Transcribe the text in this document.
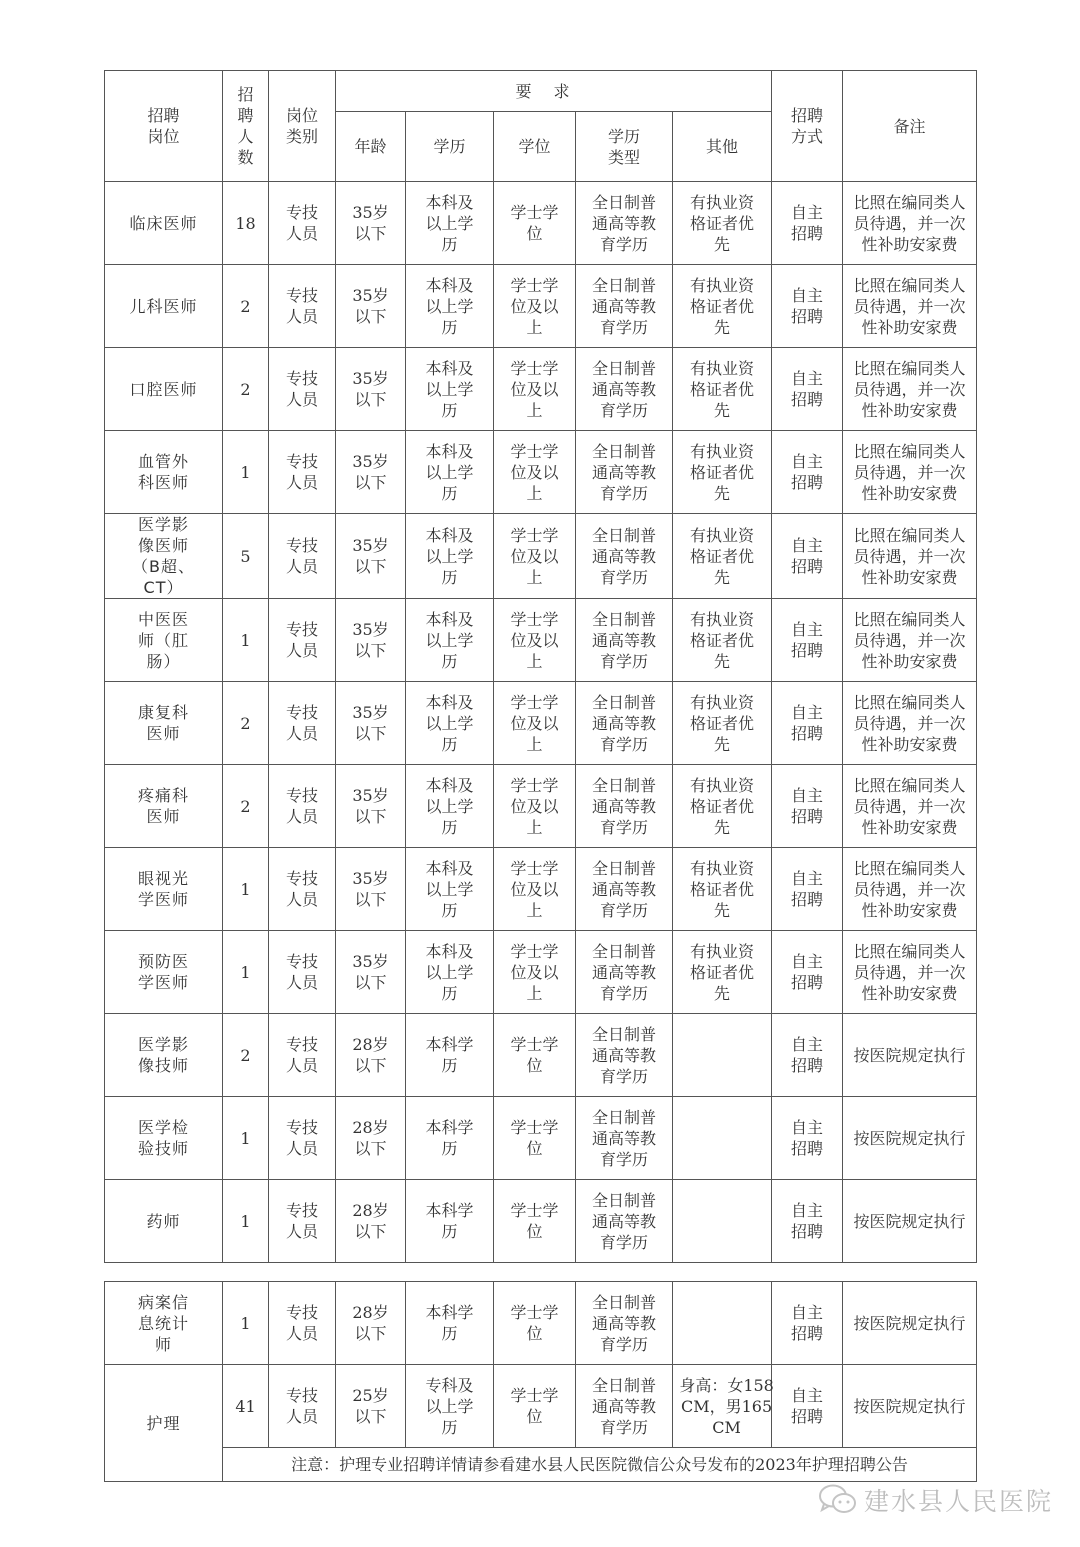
招聘岗位	招聘人数	岗位类别	要求					招聘方式	备注
			年龄	学历	学位	学历类型	其他		
临床医师	18	专技人员	35岁以下	本科及以上学历	学士学位	全日制普通高等教育学历	有执业资格证者优先	自主招聘	比照在编同类人员待遇，并一次性补助安家费
儿科医师	2	专技人员	35岁以下	本科及以上学历	学士学位及以上	全日制普通高等教育学历	有执业资格证者优先	自主招聘	比照在编同类人员待遇，并一次性补助安家费
口腔医师	2	专技人员	35岁以下	本科及以上学历	学士学位及以上	全日制普通高等教育学历	有执业资格证者优先	自主招聘	比照在编同类人员待遇，并一次性补助安家费
血管外科医师	1	专技人员	35岁以下	本科及以上学历	学士学位及以上	全日制普通高等教育学历	有执业资格证者优先	自主招聘	比照在编同类人员待遇，并一次性补助安家费
医学影像医师（B超、CT）	5	专技人员	35岁以下	本科及以上学历	学士学位及以上	全日制普通高等教育学历	有执业资格证者优先	自主招聘	比照在编同类人员待遇，并一次性补助安家费
中医医师（肛肠）	1	专技人员	35岁以下	本科及以上学历	学士学位及以上	全日制普通高等教育学历	有执业资格证者优先	自主招聘	比照在编同类人员待遇，并一次性补助安家费
康复科医师	2	专技人员	35岁以下	本科及以上学历	学士学位及以上	全日制普通高等教育学历	有执业资格证者优先	自主招聘	比照在编同类人员待遇，并一次性补助安家费
疼痛科医师	2	专技人员	35岁以下	本科及以上学历	学士学位及以上	全日制普通高等教育学历	有执业资格证者优先	自主招聘	比照在编同类人员待遇，并一次性补助安家费
眼视光学医师	1	专技人员	35岁以下	本科及以上学历	学士学位及以上	全日制普通高等教育学历	有执业资格证者优先	自主招聘	比照在编同类人员待遇，并一次性补助安家费
预防医学医师	1	专技人员	35岁以下	本科及以上学历	学士学位及以上	全日制普通高等教育学历	有执业资格证者优先	自主招聘	比照在编同类人员待遇，并一次性补助安家费
医学影像技师	2	专技人员	28岁以下	本科学历	学士学位	全日制普通高等教育学历		自主招聘	按医院规定执行
医学检验技师	1	专技人员	28岁以下	本科学历	学士学位	全日制普通高等教育学历		自主招聘	按医院规定执行
药师	1	专技人员	28岁以下	本科学历	学士学位	全日制普通高等教育学历		自主招聘	按医院规定执行
病案信息统计师	1	专技人员	28岁以下	本科学历	学士学位	全日制普通高等教育学历		自主招聘	按医院规定执行
护理	41	专技人员	25岁以下	专科及以上学历	学士学位	全日制普通高等教育学历	身高：女158CM，男165CM	自主招聘	按医院规定执行
	注意：护理专业招聘详情请参看建水县人民医院微信公众号发布的2023年护理招聘公告								
建水县人民医院
